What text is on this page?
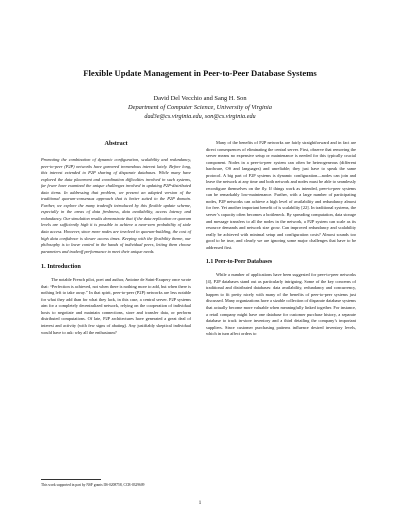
Flexible Update Management in Peer-to-Peer Database Systems
David Del Vecchio and Sang H. Son
Department of Computer Science, University of Virginia
dad3e@cs.virginia.edu, son@cs.virginia.edu
Abstract

Promoting the combination of dynamic configuration, scalability and redundancy, peer-to-peer (P2P) networks have garnered tremendous interest lately. Before long, this interest extended to P2P sharing of disparate databases. While many have explored the data placement and coordination difficulties involved in such systems, far fewer have examined the unique challenges involved in updating P2P-distributed data items. In addressing that problem, we present an adapted version of the traditional quorum-consensus approach that is better suited to the P2P domain. Further, we explore the many tradeoffs introduced by this flexible update scheme, especially in the areas of data freshness, data availability, access latency and redundancy. Our simulation results demonstrate that if the data replication or quorum levels are sufficiently high it is possible to achieve a near-zero probability of stale data access. However, since more nodes are involved in quorum-building, the cost of high data confidence is slower access times. Keeping with the flexibility theme, our philosophy is to leave control in the hands of individual peers, letting them choose parameters and tradeoff performance to meet their unique needs.

1. Introduction

The notable French pilot, poet and author, Antoine de Saint-Exupery once wrote that: “Perfection is achieved, not when there is nothing more to add, but when there is nothing left to take away.” In that spirit, peer-to-peer (P2P) networks are less notable for what they add than for what they lack, in this case, a central server. P2P systems aim for a completely decentralized network, relying on the cooperation of individual hosts to negotiate and maintain connections, store and transfer data, or perform distributed computations. Of late, P2P architectures have generated a great deal of interest and activity (with few signs of abating). Any justifiably skeptical individual would have to ask: why all the enthusiasm?

Many of the benefits of P2P networks are fairly straightforward and in fact are direct consequences of eliminating the central server. First, observe that removing the server means no expensive setup or maintenance is needed for this typically crucial component. Nodes in a peer-to-peer system can often be heterogeneous (different hardware, OS and languages) and unreliable; they just have to speak the same protocol. A big part of P2P systems is dynamic configuration—nodes can join and leave the network at any time and both network and nodes must be able to seamlessly reconfigure themselves on the fly. If things work as intended, peer-to-peer systems can be remarkably low-maintenance. Further, with a large number of participating nodes, P2P networks can achieve a high level of availability and redundancy almost for free. Yet another important benefit of is scalability [22]. In traditional systems, the server’s capacity often becomes a bottleneck. By spreading computation, data storage and message transfers to all the nodes in the network, a P2P system can scale as its resource demands and network size grow. Can improved redundancy and scalability really be achieved with minimal setup and configuration costs? Almost sounds too good to be true, and clearly we are ignoring some major challenges that have to be addressed first.

1.1 Peer-to-Peer Databases

While a number of applications have been suggested for peer-to-peer networks [4], P2P databases stand out as particularly intriguing. Some of the key concerns of traditional and distributed databases: data availability, redundancy and concurrency, happen to fit pretty nicely with many of the benefits of peer-to-peer systems just discussed. Many organizations have a sizable collection of disparate database systems that actually become more valuable when meaningfully linked together. For instance, a retail company might have one database for customer purchase history, a separate database to track in-store inventory and a third detailing the company’s important suppliers. Since customer purchasing patterns influence desired inventory levels, which in turn affect orders to

This work supported in part by NSF grants IIS-0208758, CCR-0329609
1
